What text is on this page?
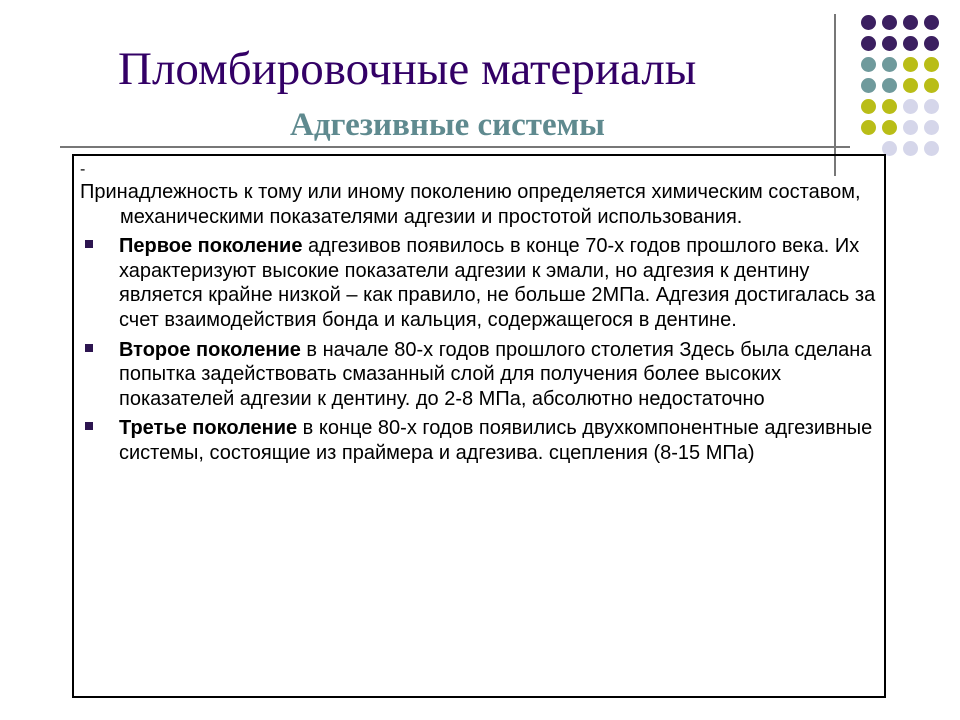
Пломбировочные материалы
Адгезивные системы

-

Принадлежность к тому или иному поколению определяется химическим составом, механическими показателями адгезии и простотой использования.

Первое поколение адгезивов появилось в конце 70-х годов прошлого века. Их характеризуют высокие показатели адгезии к эмали, но адгезия к дентину является крайне низкой – как правило, не больше 2МПа. Адгезия достигалась за счет взаимодействия бонда и кальция, содержащегося в дентине.
Второе поколение в начале 80-х годов прошлого столетия Здесь была сделана попытка задействовать смазанный слой для получения более высоких показателей адгезии к дентину. до 2-8 МПа, абсолютно недостаточно
Третье поколение в конце 80-х годов появились двухкомпонентные адгезивные системы, состоящие из праймера и адгезива. сцепления (8-15 МПа)
